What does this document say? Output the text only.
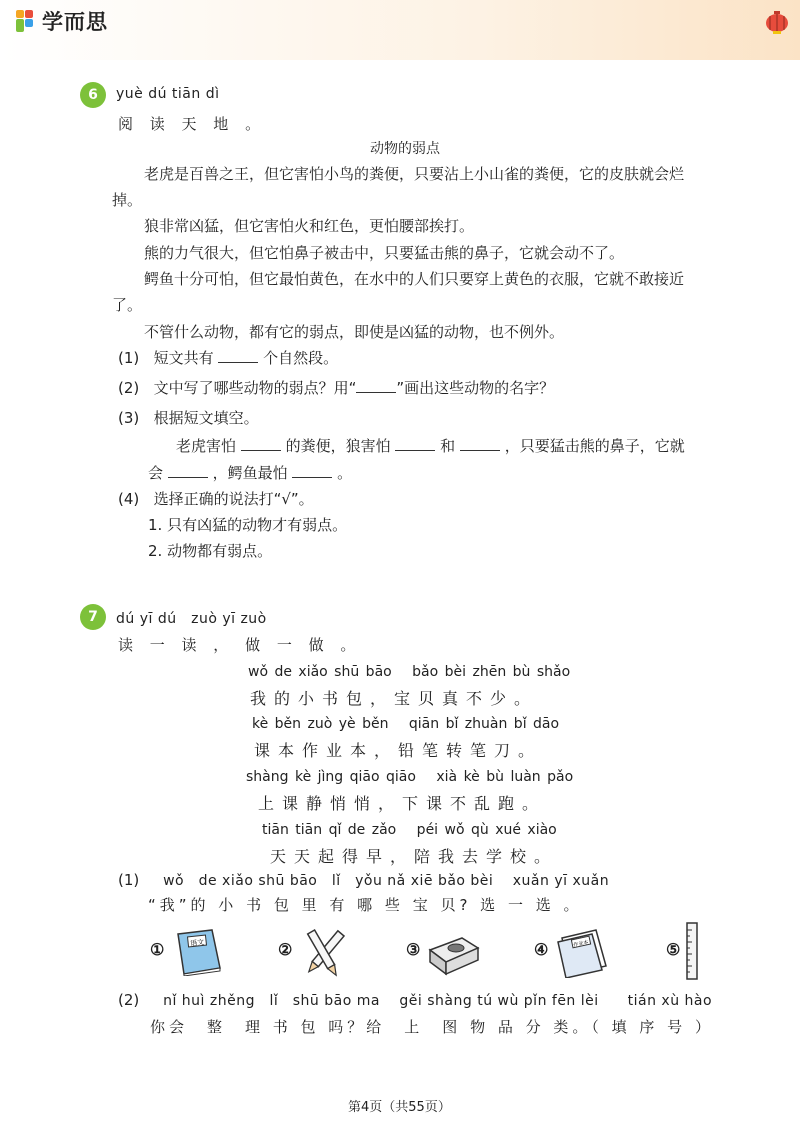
学而思
6	yuè dú tiān dì
阅 读 天 地 。
动物的弱点
老虎是百兽之王，但它害怕小鸟的粪便，只要沾上小山雀的粪便，它的皮肤就会烂
掉。
狼非常凶猛，但它害怕火和红色，更怕腰部挨打。
熊的力气很大，但它怕鼻子被击中，只要猛击熊的鼻子，它就会动不了。
鳄鱼十分可怕，但它最怕黄色，在水中的人们只要穿上黄色的衣服，它就不敢接近
了。
不管什么动物，都有它的弱点，即使是凶猛的动物，也不例外。
(1) 短文共有	个自然段。
(2) 文中写了哪些动物的弱点？用“	”画出这些动物的名字？
(3) 根据短文填空。
老虎害怕	的粪便，狼害怕	和	，只要猛击熊的鼻子，它就
会	，鳄鱼最怕	。
(4) 选择正确的说法打“√”。
1. 只有凶猛的动物才有弱点。
2. 动物都有弱点。
7	dú yī dú　zuò yī zuò
读 一 读 ， 做 一 做 。
wǒ de xiǎo shū bāo　 bǎo bèi zhēn bù shǎo
我的小书包，宝贝真不少。
kè běn zuò yè běn　 qiān bǐ zhuàn bǐ dāo
课本作业本，铅笔转笔刀。
shàng kè jìng qiāo qiāo　 xià kè bù luàn pǎo
上课静悄悄，下课不乱跑。
tiān tiān qǐ de zǎo　 péi wǒ qù xué xiào
天天起得早，陪我去学校。
(1) wǒ　de xiǎo shū bāo　lǐ　yǒu nǎ xiē bǎo bèi　 xuǎn yī xuǎn
“我”的 小 书 包 里 有 哪 些 宝 贝? 选 一 选 。
①	语文	②	③	④	作业本	⑤
(2) nǐ huì zhěng　lǐ　shū bāo ma　 gěi shàng tú wù pǐn fēn lèi　　tián xù hào
你会　整　理 书 包 吗？给　上　图 物 品 分 类。（ 填 序 号 ）
第4页（共55页）
